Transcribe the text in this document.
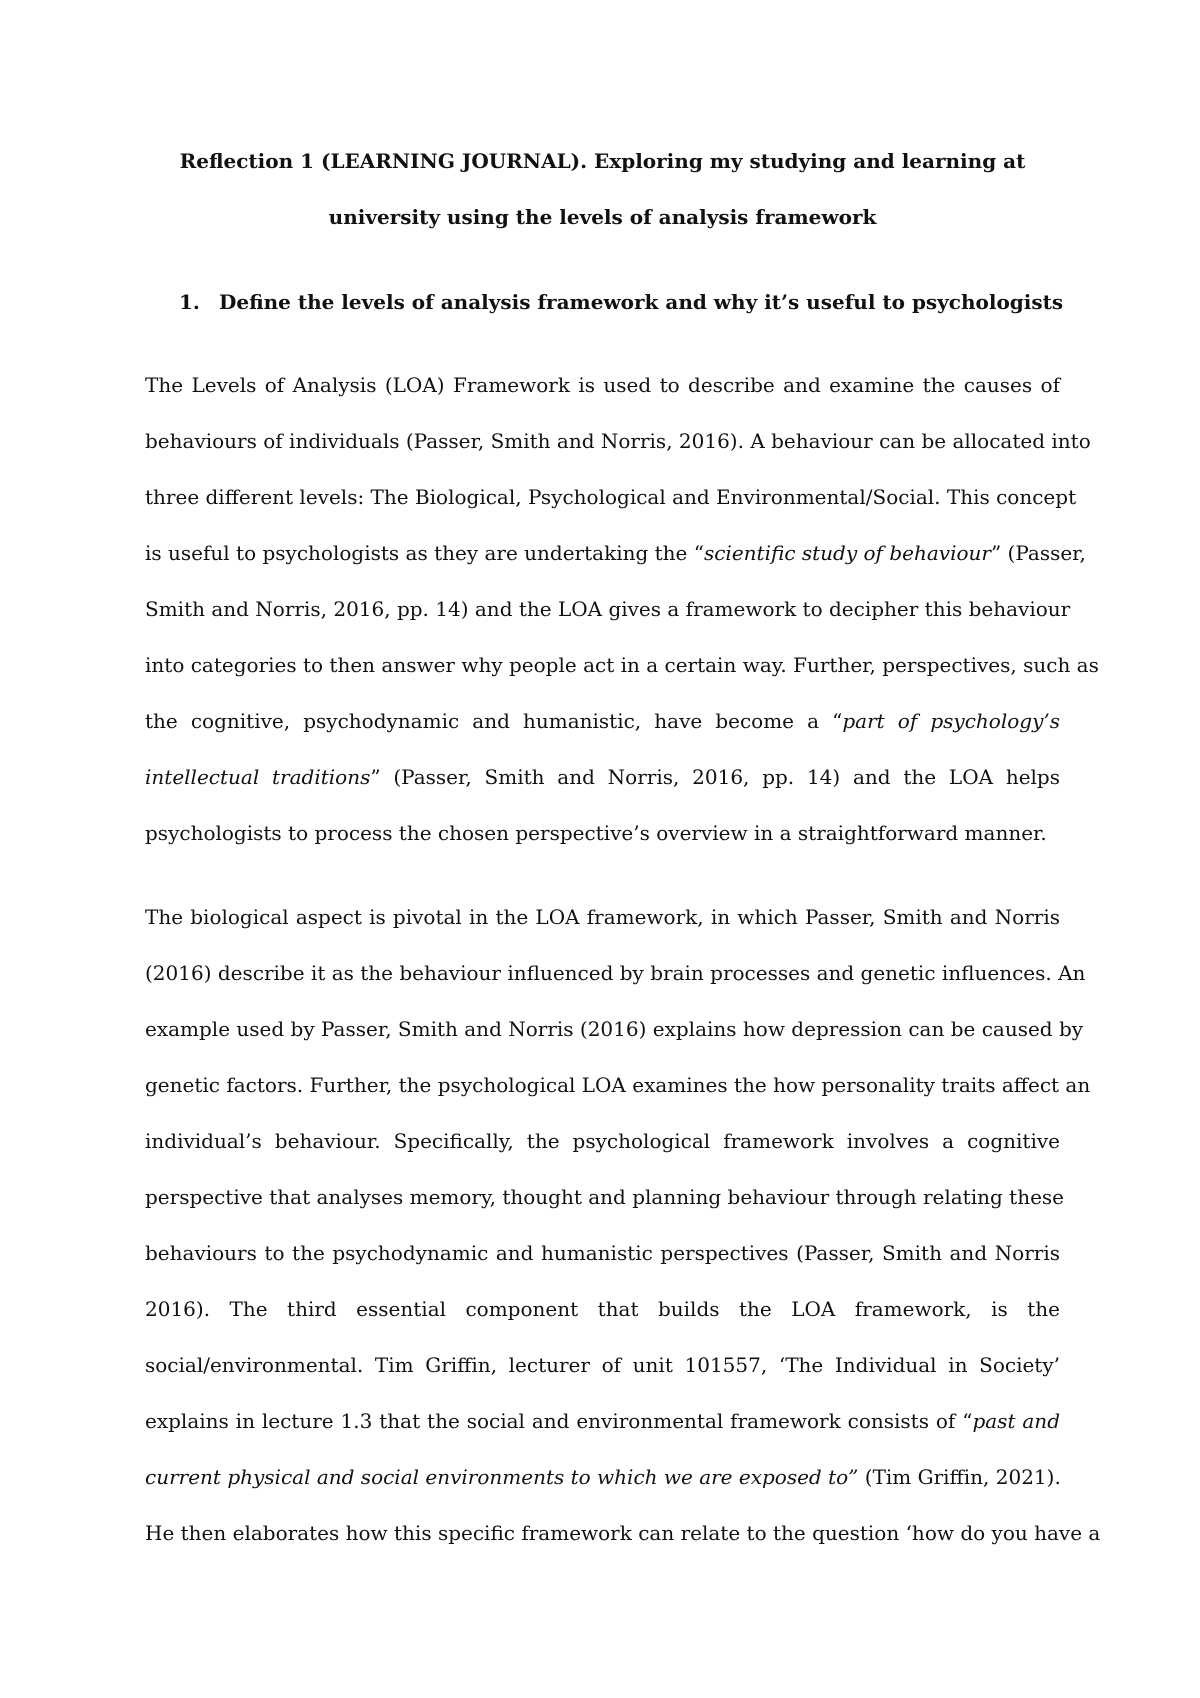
Reflection 1 (LEARNING JOURNAL). Exploring my studying and learning at

university using the levels of analysis framework

1. Define the levels of analysis framework and why it’s useful to psychologists

The Levels of Analysis (LOA) Framework is used to describe and examine the causes of
behaviours of individuals (Passer, Smith and Norris, 2016). A behaviour can be allocated into
three different levels: The Biological, Psychological and Environmental/Social. This concept
is useful to psychologists as they are undertaking the “scientific study of behaviour” (Passer,
Smith and Norris, 2016, pp. 14) and the LOA gives a framework to decipher this behaviour
into categories to then answer why people act in a certain way. Further, perspectives, such as
the cognitive, psychodynamic and humanistic, have become a “part of psychology’s
intellectual traditions” (Passer, Smith and Norris, 2016, pp. 14) and the LOA helps
psychologists to process the chosen perspective’s overview in a straightforward manner.
The biological aspect is pivotal in the LOA framework, in which Passer, Smith and Norris
(2016) describe it as the behaviour influenced by brain processes and genetic influences. An
example used by Passer, Smith and Norris (2016) explains how depression can be caused by
genetic factors. Further, the psychological LOA examines the how personality traits affect an
individual’s behaviour. Specifically, the psychological framework involves a cognitive
perspective that analyses memory, thought and planning behaviour through relating these
behaviours to the psychodynamic and humanistic perspectives (Passer, Smith and Norris
2016). The third essential component that builds the LOA framework, is the
social/environmental. Tim Griffin, lecturer of unit 101557, ‘The Individual in Society’
explains in lecture 1.3 that the social and environmental framework consists of “past and
current physical and social environments to which we are exposed to” (Tim Griffin, 2021).
He then elaborates how this specific framework can relate to the question ‘how do you have a
